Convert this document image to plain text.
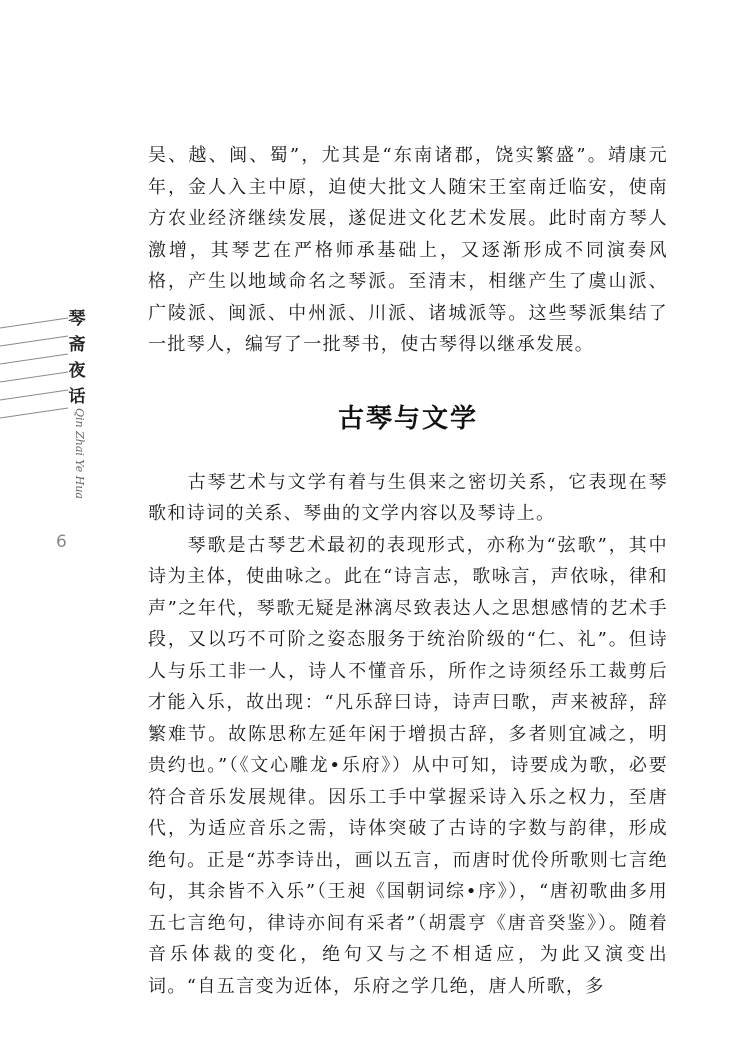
琴斋夜话
Qin Zhai Ye Hua
6

吴、越、闽、蜀”，尤其是“东南诸郡，饶实繁盛”。靖康元年，金人入主中原，迫使大批文人随宋王室南迁临安，使南方农业经济继续发展，遂促进文化艺术发展。此时南方琴人激增，其琴艺在严格师承基础上，又逐渐形成不同演奏风格，产生以地域命名之琴派。至清末，相继产生了虞山派、广陵派、闽派、中州派、川派、诸城派等。这些琴派集结了一批琴人，编写了一批琴书，使古琴得以继承发展。

古琴与文学

古琴艺术与文学有着与生俱来之密切关系，它表现在琴歌和诗词的关系、琴曲的文学内容以及琴诗上。

琴歌是古琴艺术最初的表现形式，亦称为“弦歌”，其中诗为主体，使曲咏之。此在“诗言志，歌咏言，声依咏，律和声”之年代，琴歌无疑是淋漓尽致表达人之思想感情的艺术手段，又以巧不可阶之姿态服务于统治阶级的“仁、礼”。但诗人与乐工非一人，诗人不懂音乐，所作之诗须经乐工裁剪后才能入乐，故出现：“凡乐辞曰诗，诗声曰歌，声来被辞，辞繁难节。故陈思称左延年闲于增损古辞，多者则宜减之，明贵约也。”（《文心雕龙•乐府》）从中可知，诗要成为歌，必要符合音乐发展规律。因乐工手中掌握采诗入乐之权力，至唐代，为适应音乐之需，诗体突破了古诗的字数与韵律，形成绝句。正是“苏李诗出，画以五言，而唐时优伶所歌则七言绝句，其余皆不入乐”（王昶《国朝词综•序》），“唐初歌曲多用五七言绝句，律诗亦间有采者”（胡震亨《唐音癸鉴》）。随着音乐体裁的变化，绝句又与之不相适应，为此又演变出词。“自五言变为近体，乐府之学几绝，唐人所歌，多
